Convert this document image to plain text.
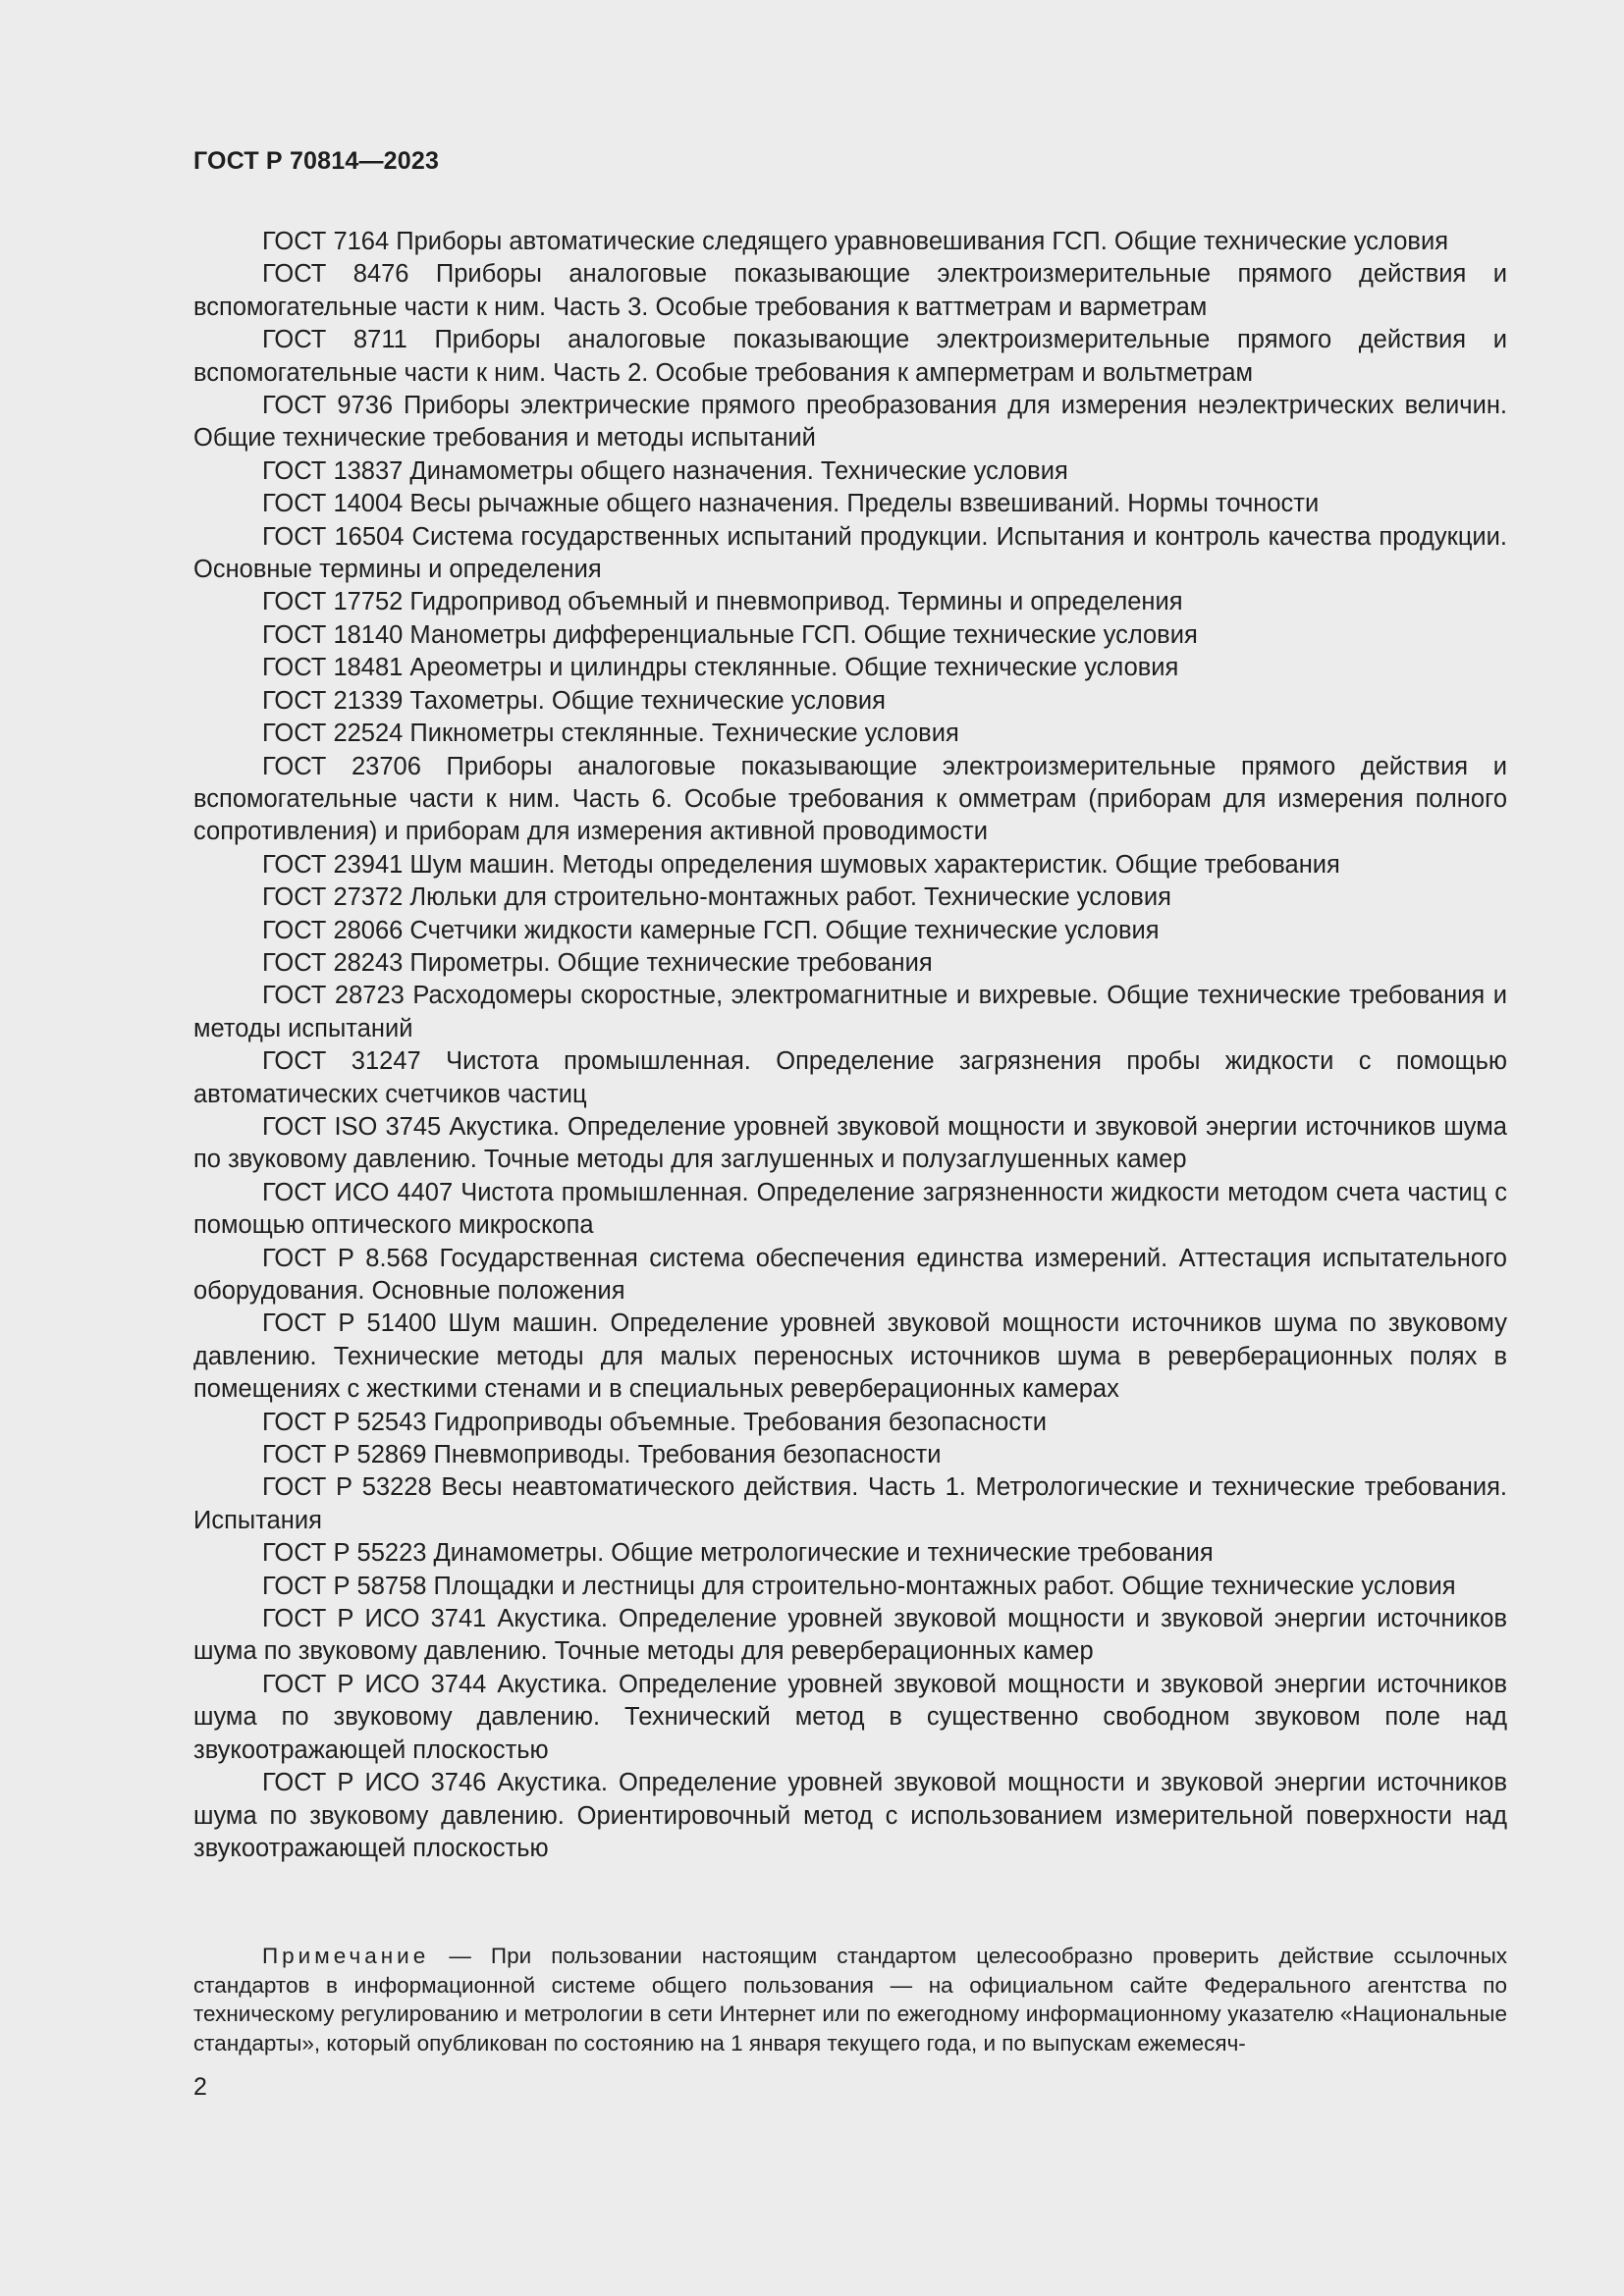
ГОСТ Р 70814—2023

ГОСТ 7164 Приборы автоматические следящего уравновешивания ГСП. Общие технические условия

ГОСТ 8476 Приборы аналоговые показывающие электроизмерительные прямого действия и вспомогательные части к ним. Часть 3. Особые требования к ваттметрам и варметрам

ГОСТ 8711 Приборы аналоговые показывающие электроизмерительные прямого действия и вспомогательные части к ним. Часть 2. Особые требования к амперметрам и вольтметрам

ГОСТ 9736 Приборы электрические прямого преобразования для измерения неэлектрических величин. Общие технические требования и методы испытаний

ГОСТ 13837 Динамометры общего назначения. Технические условия

ГОСТ 14004 Весы рычажные общего назначения. Пределы взвешиваний. Нормы точности

ГОСТ 16504 Система государственных испытаний продукции. Испытания и контроль качества продукции. Основные термины и определения

ГОСТ 17752 Гидропривод объемный и пневмопривод. Термины и определения

ГОСТ 18140 Манометры дифференциальные ГСП. Общие технические условия

ГОСТ 18481 Ареометры и цилиндры стеклянные. Общие технические условия

ГОСТ 21339 Тахометры. Общие технические условия

ГОСТ 22524 Пикнометры стеклянные. Технические условия

ГОСТ 23706 Приборы аналоговые показывающие электроизмерительные прямого действия и вспомогательные части к ним. Часть 6. Особые требования к омметрам (приборам для измерения полного сопротивления) и приборам для измерения активной проводимости

ГОСТ 23941 Шум машин. Методы определения шумовых характеристик. Общие требования

ГОСТ 27372 Люльки для строительно-монтажных работ. Технические условия

ГОСТ 28066 Счетчики жидкости камерные ГСП. Общие технические условия

ГОСТ 28243 Пирометры. Общие технические требования

ГОСТ 28723 Расходомеры скоростные, электромагнитные и вихревые. Общие технические требования и методы испытаний

ГОСТ 31247 Чистота промышленная. Определение загрязнения пробы жидкости с помощью автоматических счетчиков частиц

ГОСТ ISO 3745 Акустика. Определение уровней звуковой мощности и звуковой энергии источников шума по звуковому давлению. Точные методы для заглушенных и полузаглушенных камер

ГОСТ ИСО 4407 Чистота промышленная. Определение загрязненности жидкости методом счета частиц с помощью оптического микроскопа

ГОСТ Р 8.568 Государственная система обеспечения единства измерений. Аттестация испытательного оборудования. Основные положения

ГОСТ Р 51400 Шум машин. Определение уровней звуковой мощности источников шума по звуковому давлению. Технические методы для малых переносных источников шума в реверберационных полях в помещениях с жесткими стенами и в специальных реверберационных камерах

ГОСТ Р 52543 Гидроприводы объемные. Требования безопасности

ГОСТ Р 52869 Пневмоприводы. Требования безопасности

ГОСТ Р 53228 Весы неавтоматического действия. Часть 1. Метрологические и технические требования. Испытания

ГОСТ Р 55223 Динамометры. Общие метрологические и технические требования

ГОСТ Р 58758 Площадки и лестницы для строительно-монтажных работ. Общие технические условия

ГОСТ Р ИСО 3741 Акустика. Определение уровней звуковой мощности и звуковой энергии источников шума по звуковому давлению. Точные методы для реверберационных камер

ГОСТ Р ИСО 3744 Акустика. Определение уровней звуковой мощности и звуковой энергии источников шума по звуковому давлению. Технический метод в существенно свободном звуковом поле над звукоотражающей плоскостью

ГОСТ Р ИСО 3746 Акустика. Определение уровней звуковой мощности и звуковой энергии источников шума по звуковому давлению. Ориентировочный метод с использованием измерительной поверхности над звукоотражающей плоскостью

Примечание — При пользовании настоящим стандартом целесообразно проверить действие ссылочных стандартов в информационной системе общего пользования — на официальном сайте Федерального агентства по техническому регулированию и метрологии в сети Интернет или по ежегодному информационному указателю «Национальные стандарты», который опубликован по состоянию на 1 января текущего года, и по выпускам ежемесяч-
2
